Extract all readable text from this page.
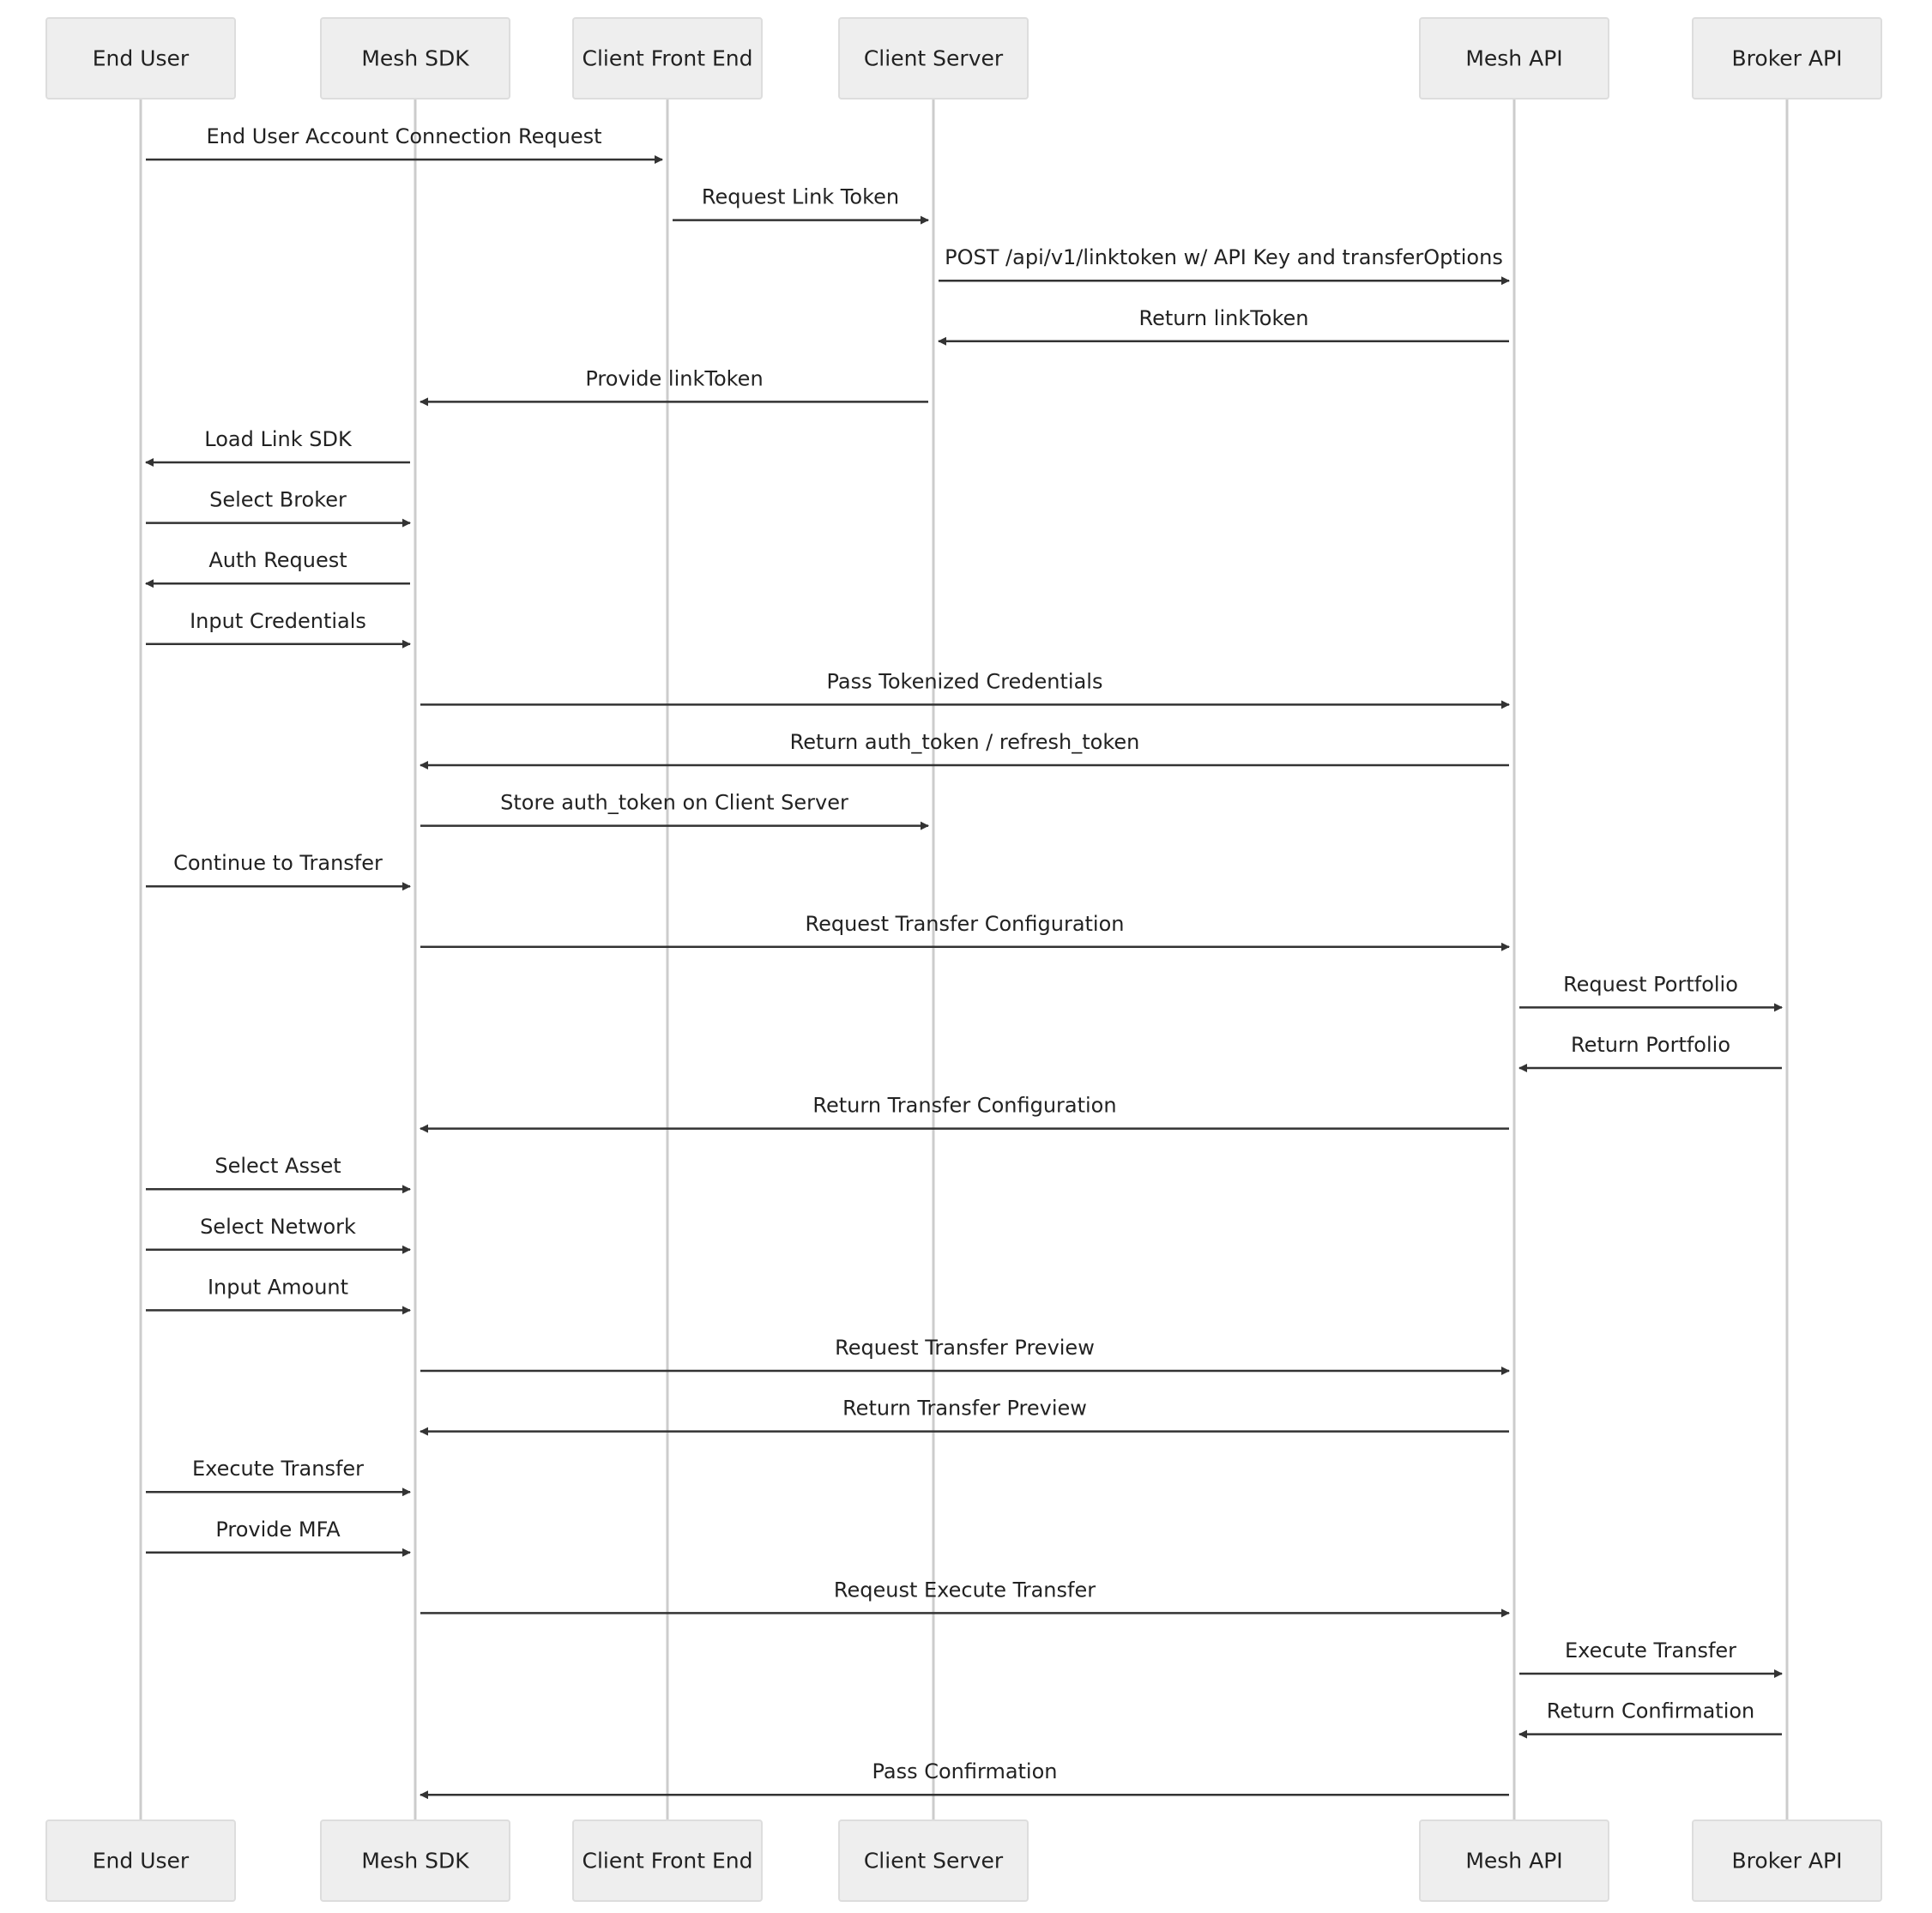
End User Account Connection Request
Request Link Token
POST /api/v1/linktoken w/ API Key and transferOptions
Return linkToken
Provide linkToken
Load Link SDK
Select Broker
Auth Request
Input Credentials
Pass Tokenized Credentials
Return auth_token / refresh_token
Store auth_token on Client Server
Continue to Transfer
Request Transfer Configuration
Request Portfolio
Return Portfolio
Return Transfer Configuration
Select Asset
Select Network
Input Amount
Request Transfer Preview
Return Transfer Preview
Execute Transfer
Provide MFA
Reqeust Execute Transfer
Execute Transfer
Return Confirmation
Pass Confirmation
End User	Mesh SDK	Client Front End	Client Server	Mesh API	Broker API
End User	Mesh SDK	Client Front End	Client Server	Mesh API	Broker API
